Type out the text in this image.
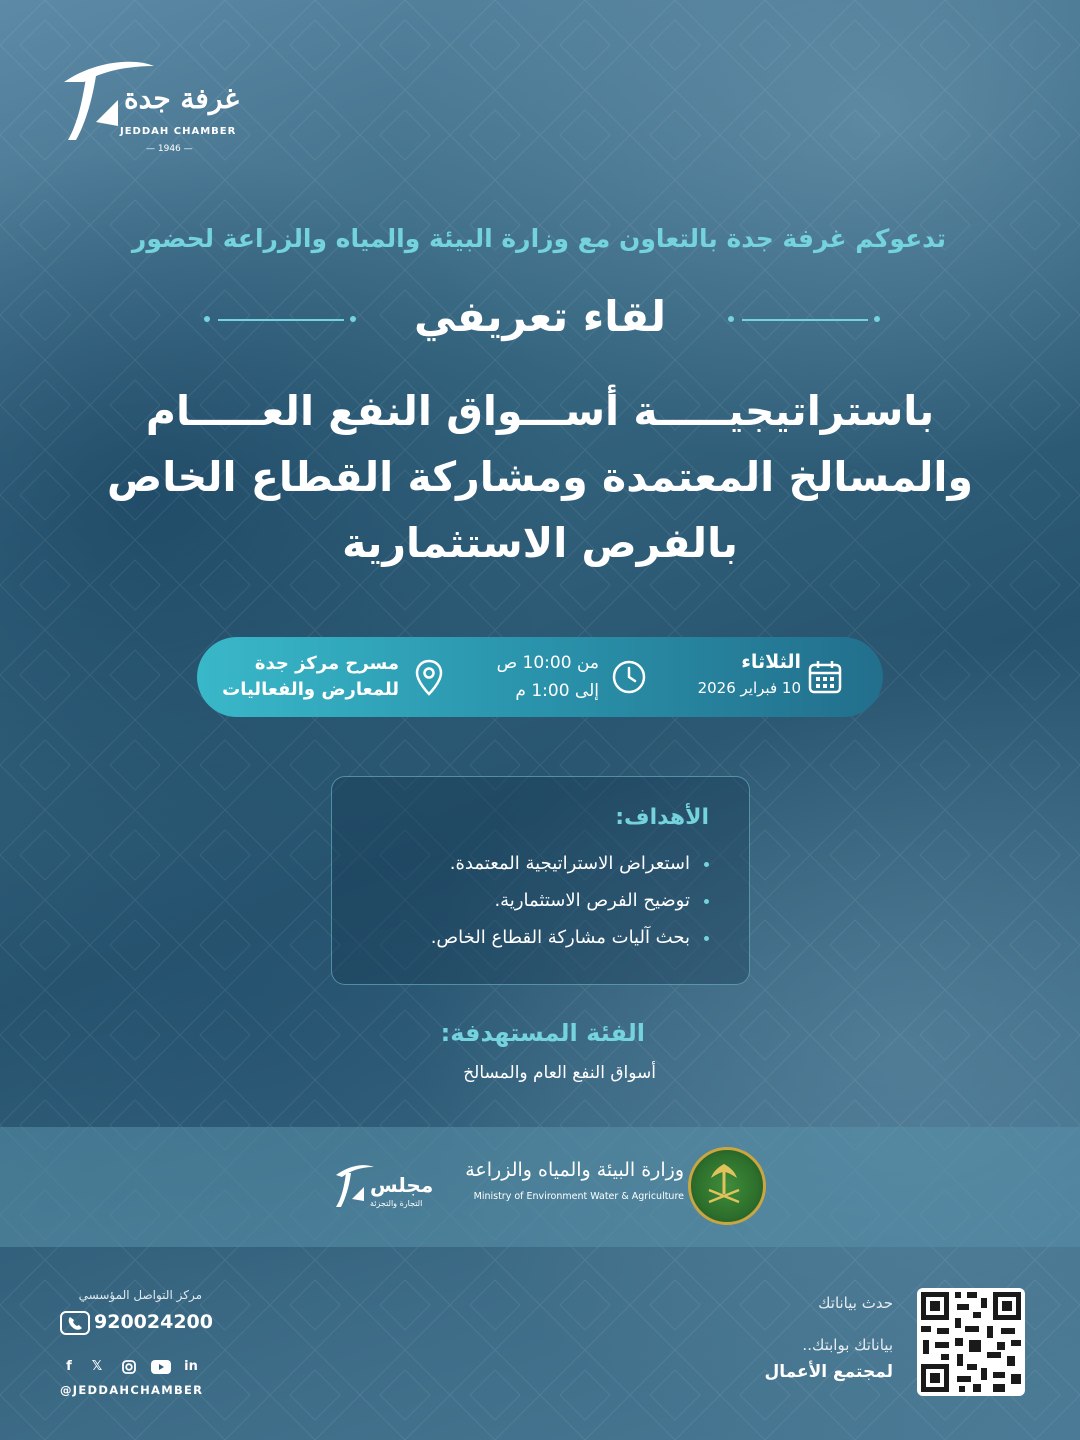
غرفة جدة
JEDDAH CHAMBER
— 1946 —
تدعوكم غرفة جدة بالتعاون مع وزارة البيئة والمياه والزراعة لحضور
لقاء تعريفي
باستراتيجيـــــة أســـواق النفع العـــــام
والمسالخ المعتمدة ومشاركة القطاع الخاص
بالفرص الاستثمارية
الثلاثاء
10 فبراير 2026
من 10:00 ص
إلى 1:00 م
مسرح مركز جدة
للمعارض والفعاليات
الأهداف:
استعراض الاستراتيجية المعتمدة.
توضيح الفرص الاستثمارية.
بحث آليات مشاركة القطاع الخاص.
الفئة المستهدفة:
أسواق النفع العام والمسالخ
مجلس
التجارة والتجزئة
وزارة البيئة والمياه والزراعة
Ministry of Environment Water & Agriculture
مركز التواصل المؤسسي
920024200
f	𝕏	in
@JEDDAHCHAMBER
حدث بياناتك
بياناتك بوابتك..
لمجتمع الأعمال
